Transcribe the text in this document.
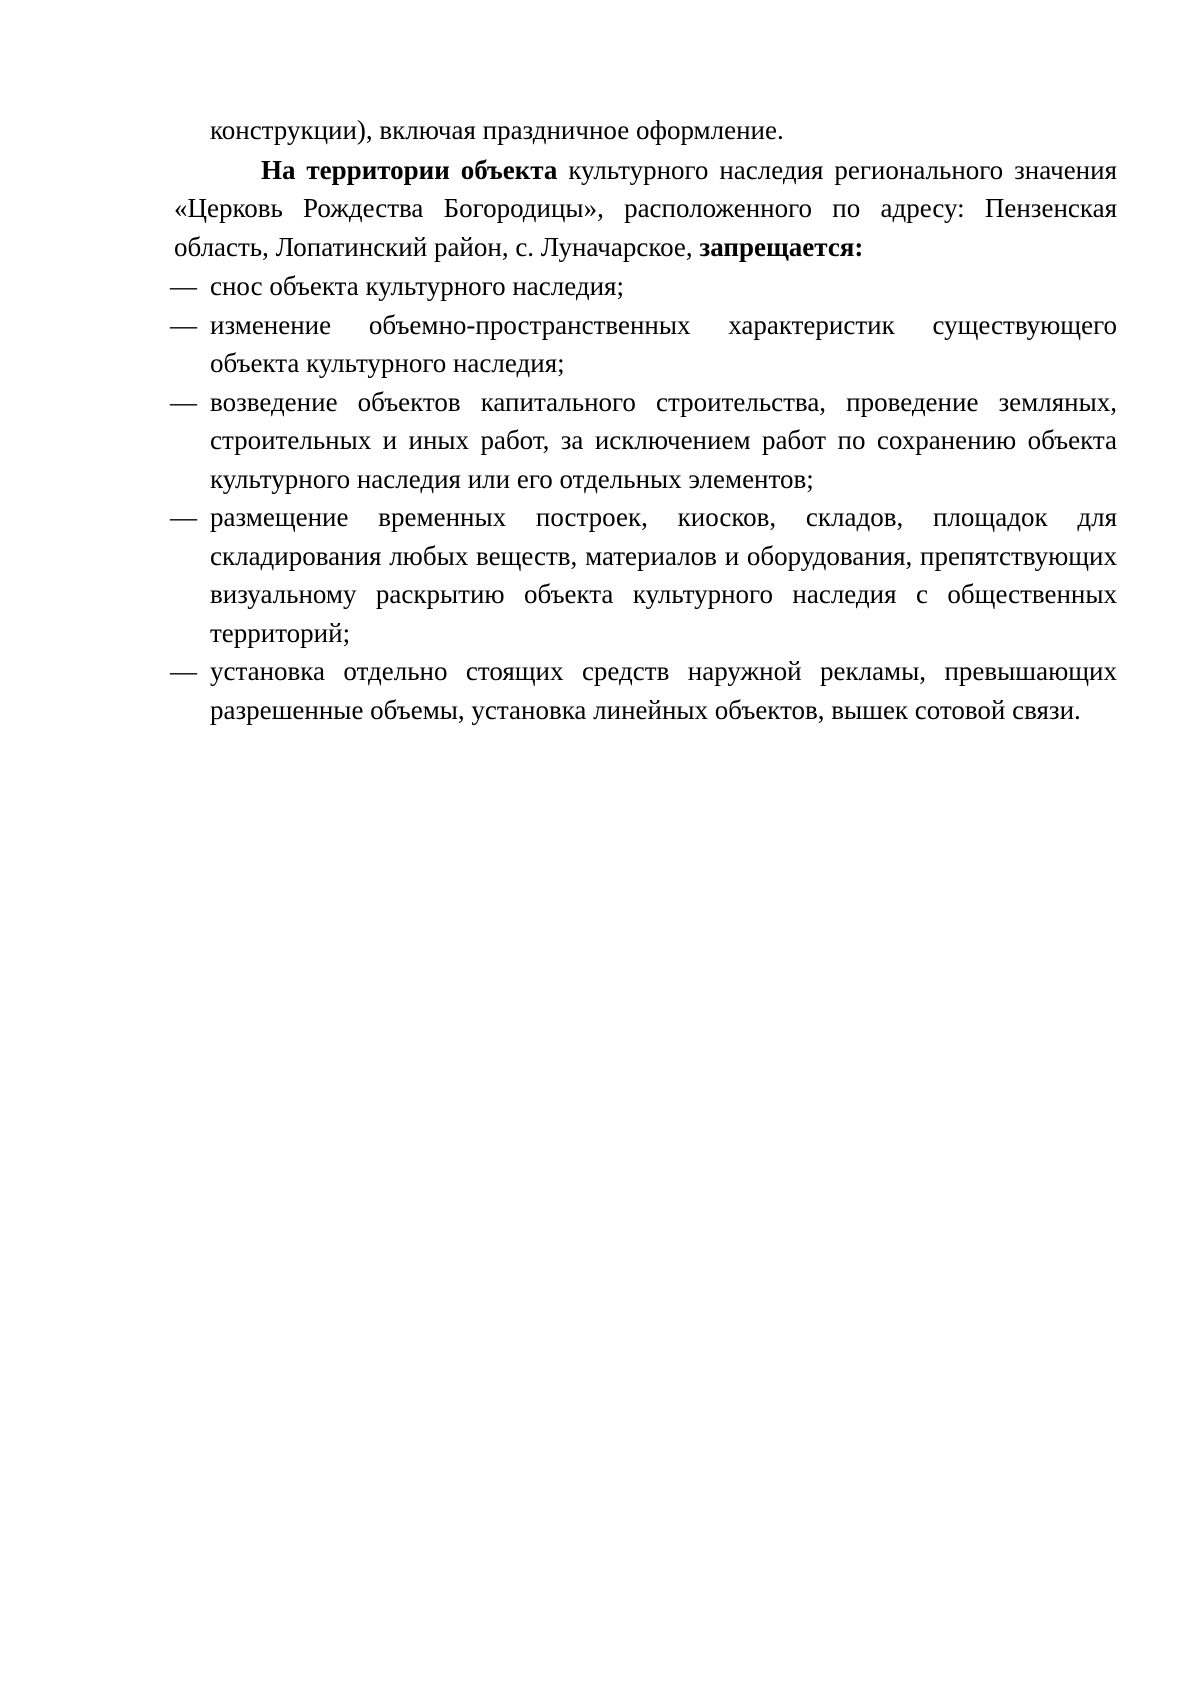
конструкции), включая праздничное оформление.

На территории объекта культурного наследия регионального значения «Церковь Рождества Богородицы», расположенного по адресу: Пензенская область, Лопатинский район, с. Луначарское, запрещается:

— снос объекта культурного наследия;
— изменение объемно-пространственных характеристик существующего объекта культурного наследия;
— возведение объектов капитального строительства, проведение земляных, строительных и иных работ, за исключением работ по сохранению объекта культурного наследия или его отдельных элементов;
— размещение временных построек, киосков, складов, площадок для складирования любых веществ, материалов и оборудования, препятствующих визуальному раскрытию объекта культурного наследия с общественных территорий;
— установка отдельно стоящих средств наружной рекламы, превышающих разрешенные объемы, установка линейных объектов, вышек сотовой связи.
